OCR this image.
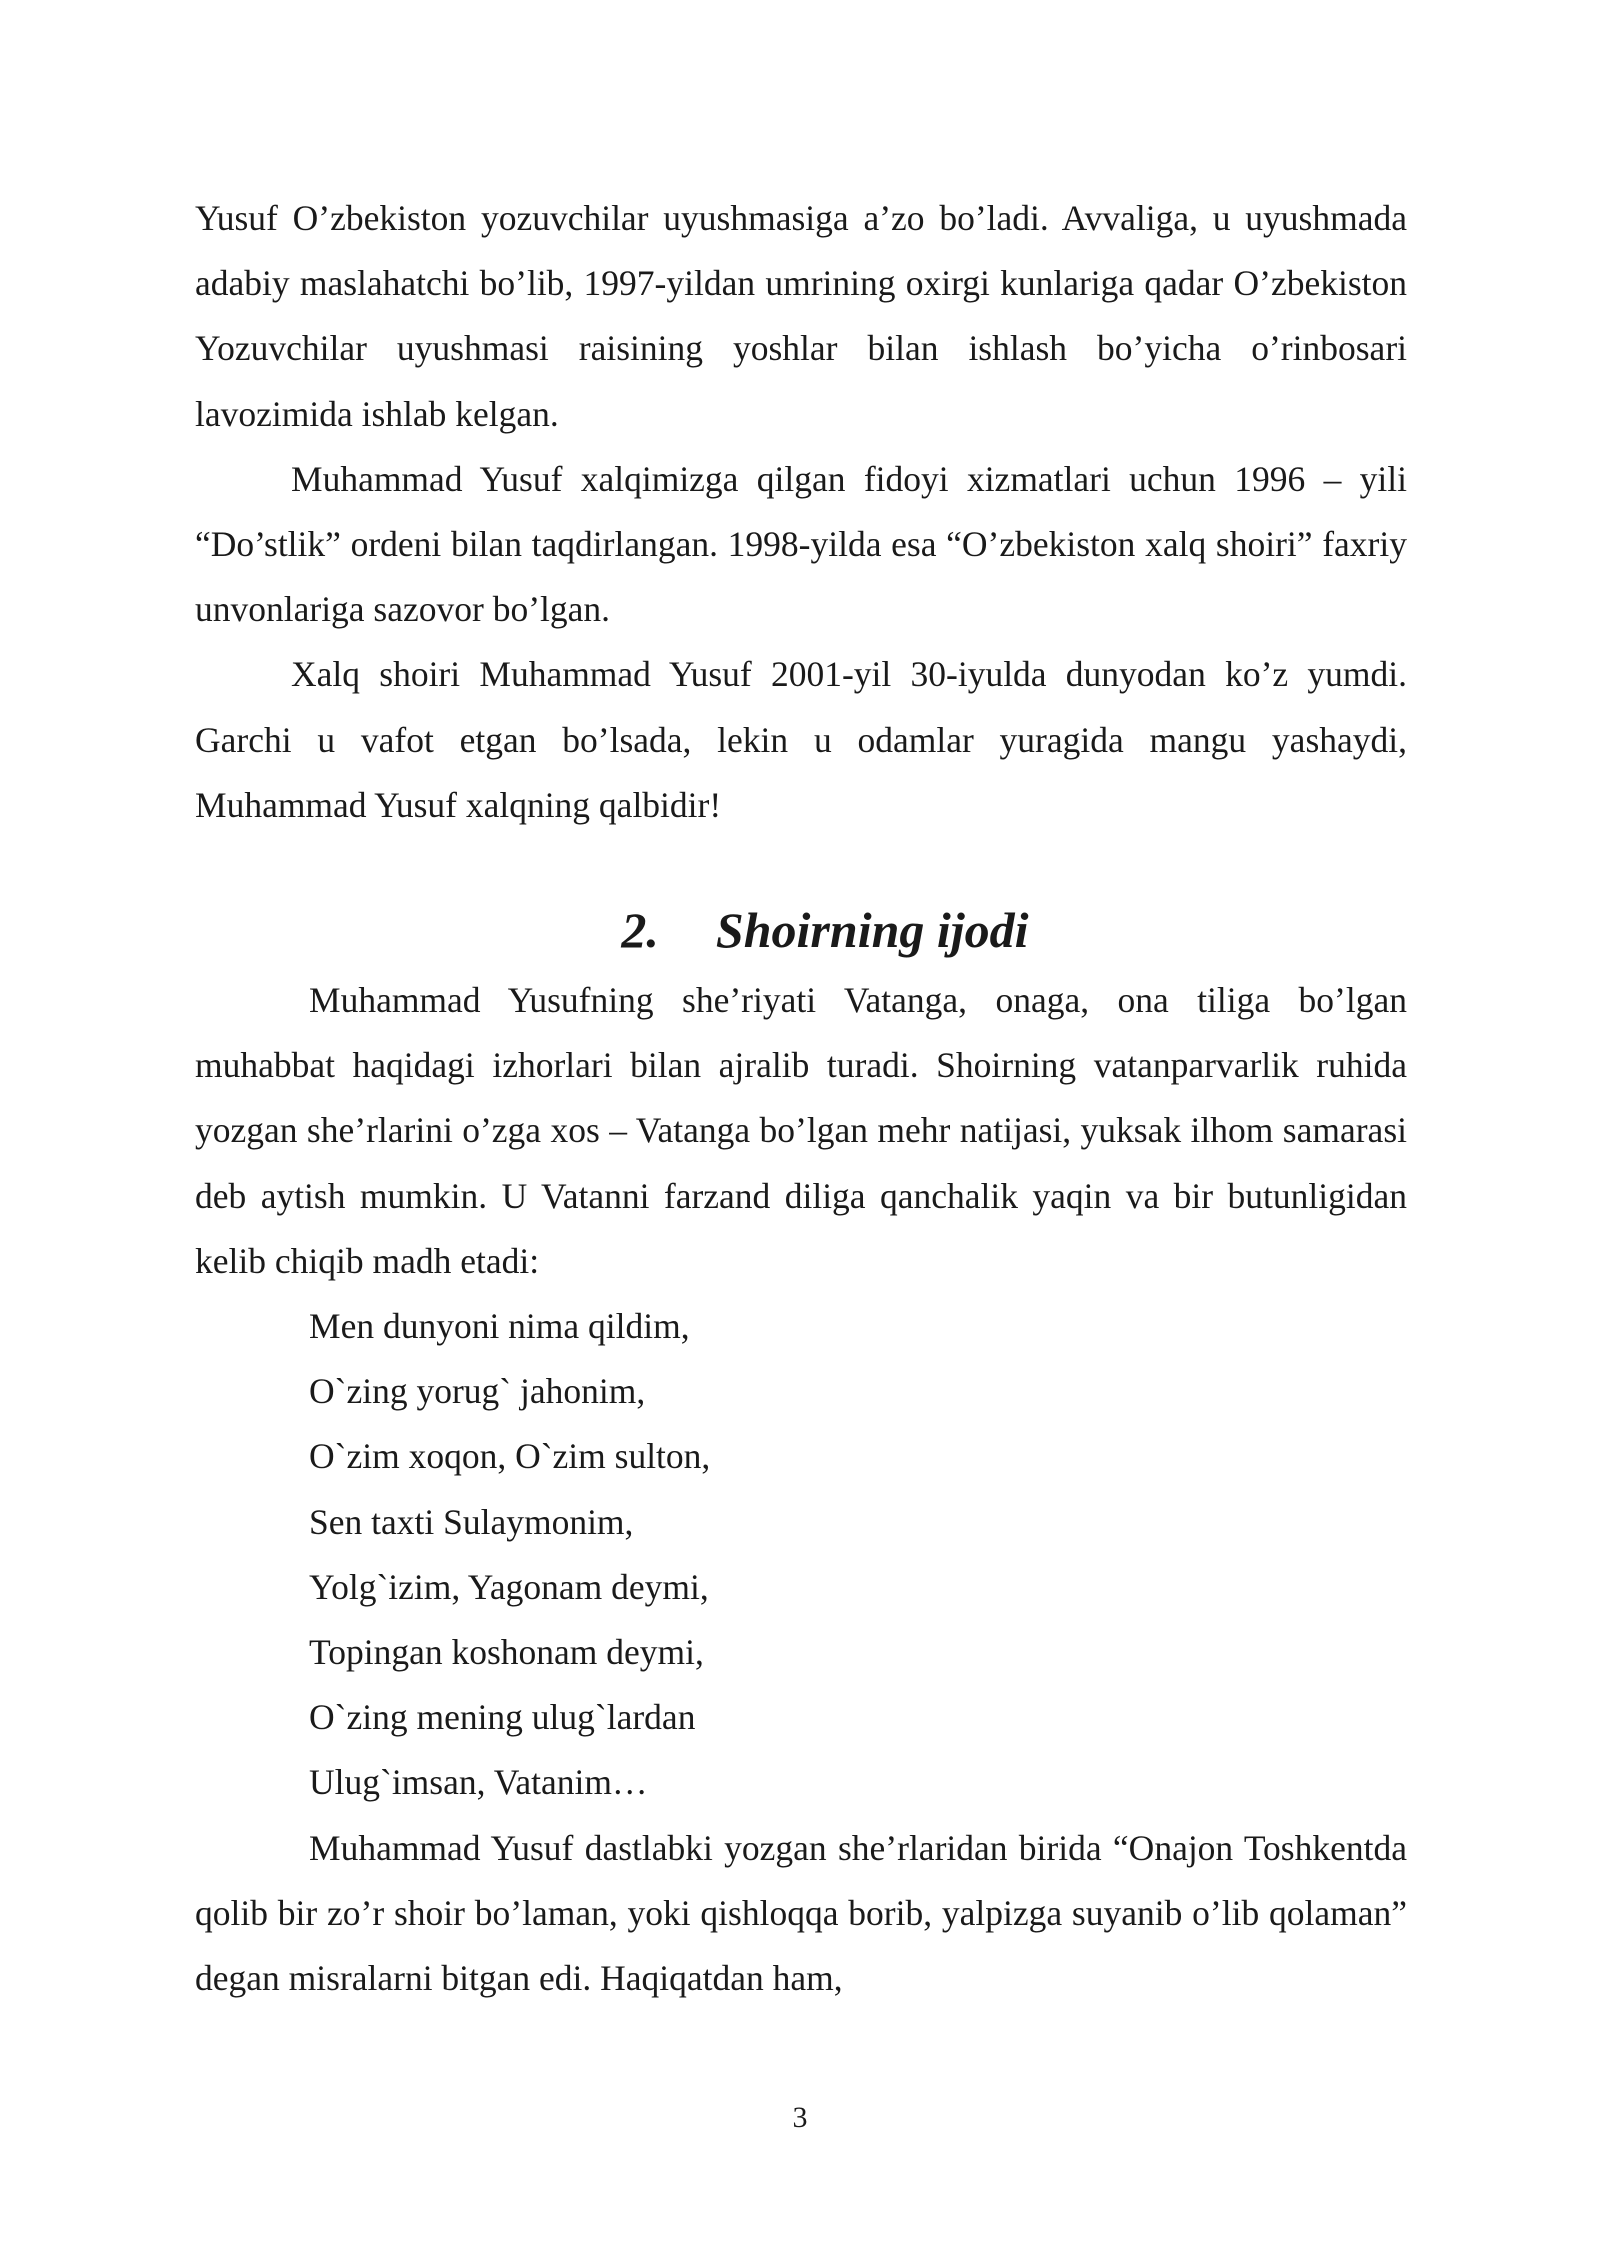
Yusuf O’zbekiston yozuvchilar uyushmasiga a’zo bo’ladi. Avvaliga, u uyushmada adabiy maslahatchi bo’lib, 1997-yildan umrining oxirgi kunlariga qadar O’zbekiston Yozuvchilar uyushmasi raisining yoshlar bilan ishlash bo’yicha o’rinbosari lavozimida ishlab kelgan.

Muhammad Yusuf xalqimizga qilgan fidoyi xizmatlari uchun 1996 – yili “Do’stlik” ordeni bilan taqdirlangan. 1998-yilda esa “O’zbekiston xalq shoiri” faxriy unvonlariga sazovor bo’lgan.

Xalq shoiri Muhammad Yusuf 2001-yil 30-iyulda dunyodan ko’z yumdi. Garchi u vafot etgan bo’lsada, lekin u odamlar yuragida mangu yashaydi, Muhammad Yusuf xalqning qalbidir!

2. Shoirning ijodi

Muhammad Yusufning she’riyati Vatanga, onaga, ona tiliga bo’lgan muhabbat haqidagi izhorlari bilan ajralib turadi. Shoirning vatanparvarlik ruhida yozgan she’rlarini o’zga xos – Vatanga bo’lgan mehr natijasi, yuksak ilhom samarasi deb aytish mumkin. U Vatanni farzand diliga qanchalik yaqin va bir butunligidan kelib chiqib madh etadi:

Men dunyoni nima qildim,
O`zing yorug` jahonim,
O`zim xoqon, O`zim sulton,
Sen taxti Sulaymonim,
Yolg`izim, Yagonam deymi,
Topingan koshonam deymi,
O`zing mening ulug`lardan
Ulug`imsan, Vatanim…

Muhammad Yusuf dastlabki yozgan she’rlaridan birida “Onajon Toshkentda qolib bir zo’r shoir bo’laman, yoki qishloqqa borib, yalpizga suyanib o’lib qolaman” degan misralarni bitgan edi. Haqiqatdan ham,

3
